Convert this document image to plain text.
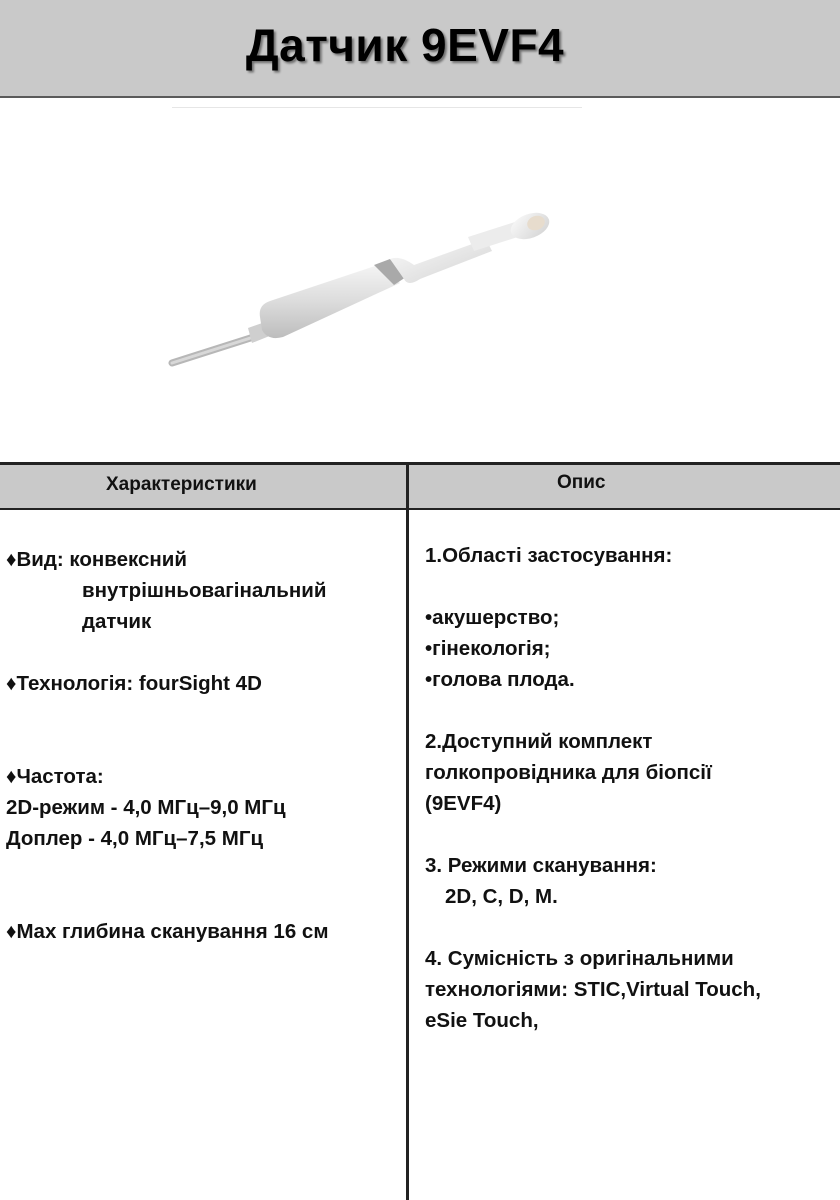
Датчик 9EVF4
Характеристики	Опис
♦Вид: конвексний
внутрішньовагінальний
датчик
♦Технологія: fourSight 4D
♦Частота:
2D-режим - 4,0 МГц–9,0 МГц
Доплер - 4,0 МГц–7,5 МГц
♦Max глибина сканування 16 см
1.Області застосування:
•акушерство;
•гінекологія;
•голова плода.
2.Доступний комплект
голкопровідника для біопсії
(9EVF4)
3. Режими сканування:
2D, C, D, M.
4. Сумісність з оригінальними
технологіями: STIC,Virtual Touch,
eSie Touch,
